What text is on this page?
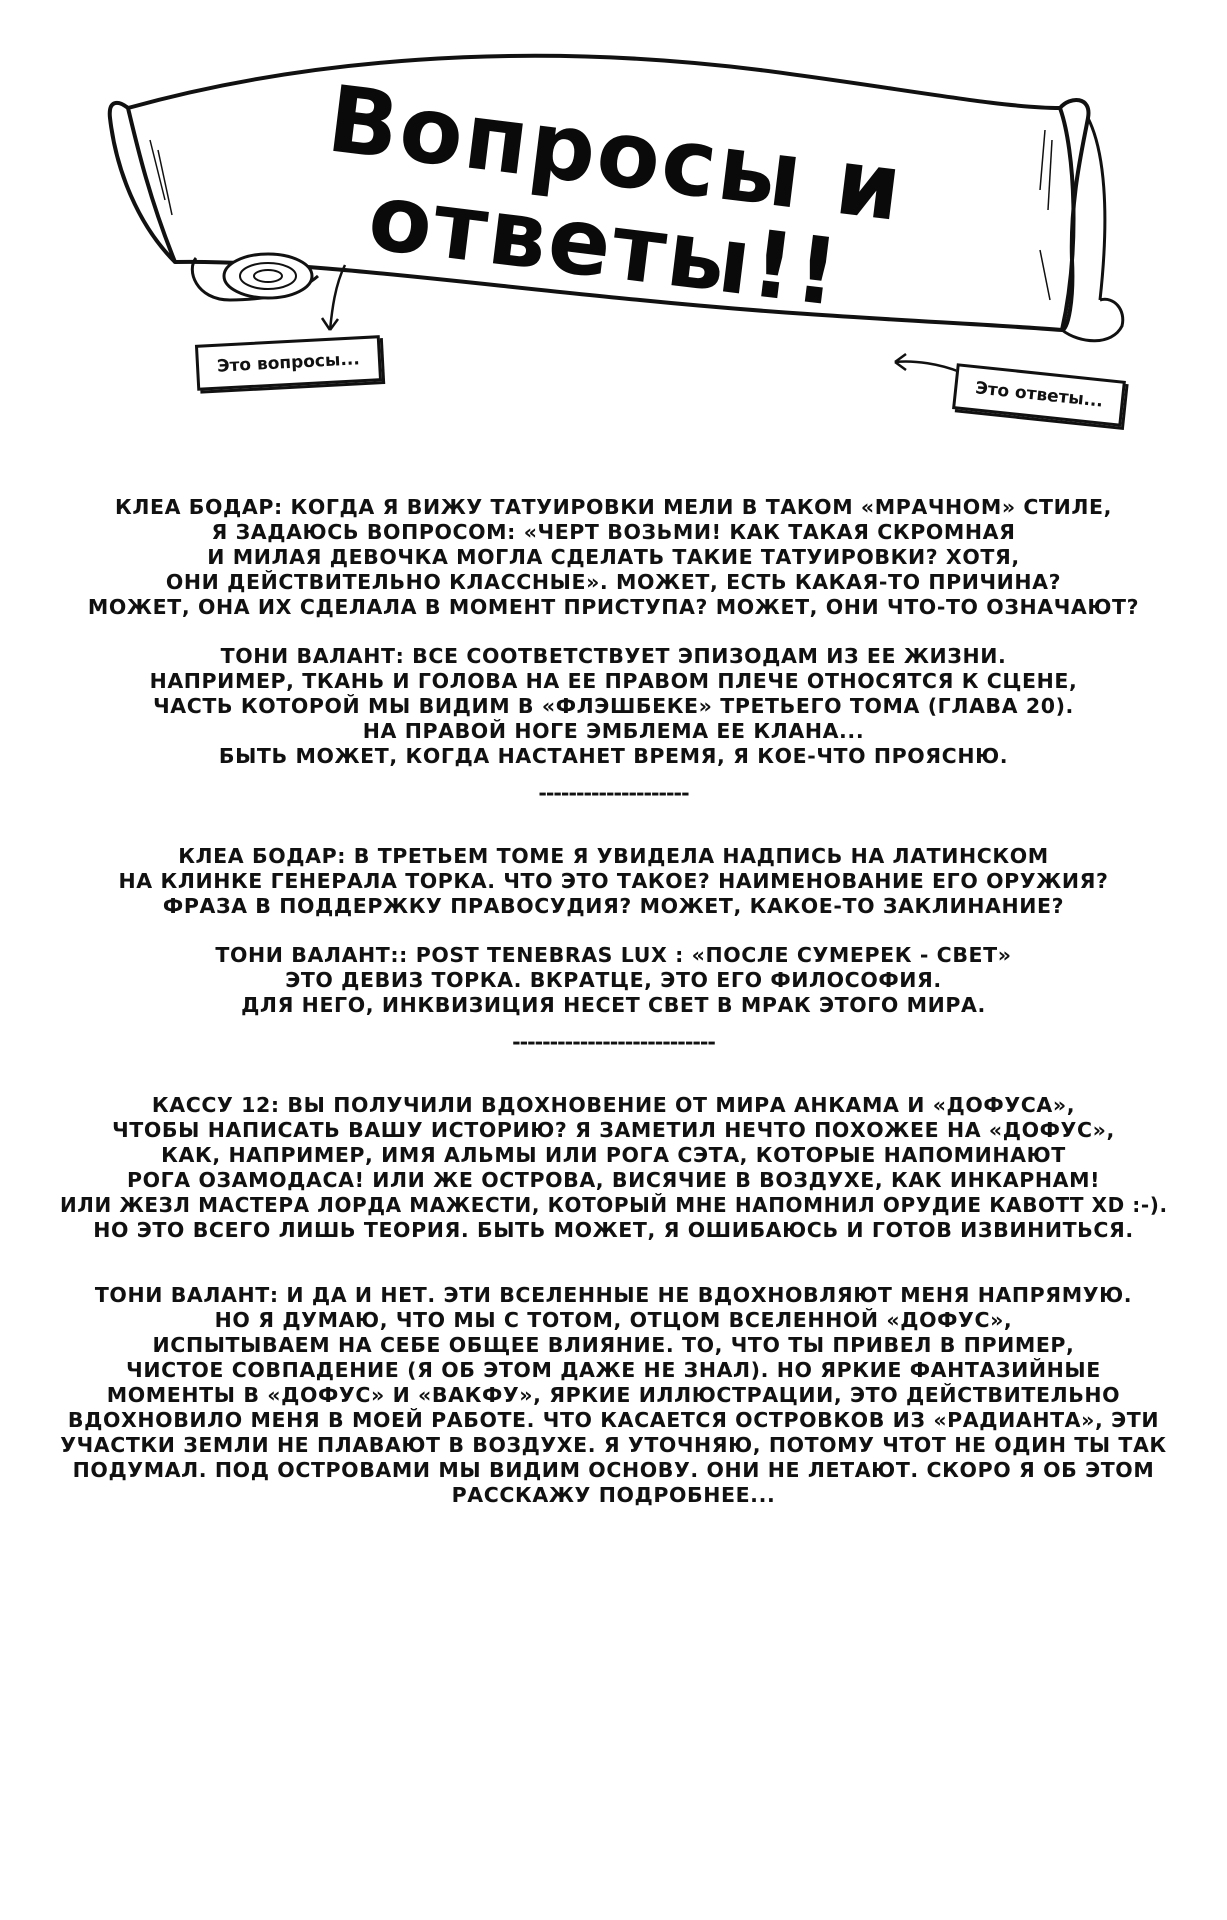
Вопросы и ответы!!
Это вопросы...
Это ответы...
КЛЕА БОДАР: КОГДА Я ВИЖУ ТАТУИРОВКИ МЕЛИ В ТАКОМ «МРАЧНОМ» СТИЛЕ,
Я ЗАДАЮСЬ ВОПРОСОМ: «ЧЕРТ ВОЗЬМИ! КАК ТАКАЯ СКРОМНАЯ
И МИЛАЯ ДЕВОЧКА МОГЛА СДЕЛАТЬ ТАКИЕ ТАТУИРОВКИ? ХОТЯ,
ОНИ ДЕЙСТВИТЕЛЬНО КЛАССНЫЕ». МОЖЕТ, ЕСТЬ КАКАЯ-ТО ПРИЧИНА?
МОЖЕТ, ОНА ИХ СДЕЛАЛА В МОМЕНТ ПРИСТУПА? МОЖЕТ, ОНИ ЧТО-ТО ОЗНАЧАЮТ?
ТОНИ ВАЛАНТ: ВСЕ СООТВЕТСТВУЕТ ЭПИЗОДАМ ИЗ ЕЕ ЖИЗНИ.
НАПРИМЕР, ТКАНЬ И ГОЛОВА НА ЕЕ ПРАВОМ ПЛЕЧЕ ОТНОСЯТСЯ К СЦЕНЕ,
ЧАСТЬ КОТОРОЙ МЫ ВИДИМ В «ФЛЭШБЕКЕ» ТРЕТЬЕГО ТОМА (ГЛАВА 20).
НА ПРАВОЙ НОГЕ ЭМБЛЕМА ЕЕ КЛАНА...
БЫТЬ МОЖЕТ, КОГДА НАСТАНЕТ ВРЕМЯ, Я КОЕ-ЧТО ПРОЯСНЮ.
--------------------
КЛЕА БОДАР: В ТРЕТЬЕМ ТОМЕ Я УВИДЕЛА НАДПИСЬ НА ЛАТИНСКОМ
НА КЛИНКЕ ГЕНЕРАЛА ТОРКА. ЧТО ЭТО ТАКОЕ? НАИМЕНОВАНИЕ ЕГО ОРУЖИЯ?
ФРАЗА В ПОДДЕРЖКУ ПРАВОСУДИЯ? МОЖЕТ, КАКОЕ-ТО ЗАКЛИНАНИЕ?
ТОНИ ВАЛАНТ:: POST TENEBRAS LUX : «ПОСЛЕ СУМЕРЕК - СВЕТ»
ЭТО ДЕВИЗ ТОРКА. ВКРАТЦЕ, ЭТО ЕГО ФИЛОСОФИЯ.
ДЛЯ НЕГО, ИНКВИЗИЦИЯ НЕСЕТ СВЕТ В МРАК ЭТОГО МИРА.
---------------------------
КАССУ 12: ВЫ ПОЛУЧИЛИ ВДОХНОВЕНИЕ ОТ МИРА АНКАМА И «ДОФУСА»,
ЧТОБЫ НАПИСАТЬ ВАШУ ИСТОРИЮ? Я ЗАМЕТИЛ НЕЧТО ПОХОЖЕЕ НА «ДОФУС»,
КАК, НАПРИМЕР, ИМЯ АЛЬМЫ ИЛИ РОГА СЭТА, КОТОРЫЕ НАПОМИНАЮТ
РОГА ОЗАМОДАСА! ИЛИ ЖЕ ОСТРОВА, ВИСЯЧИЕ В ВОЗДУХЕ, КАК ИНКАРНАМ!
ИЛИ ЖЕЗЛ МАСТЕРА ЛОРДА МАЖЕСТИ, КОТОРЫЙ МНЕ НАПОМНИЛ ОРУДИЕ КАВОТТ XD :-).
НО ЭТО ВСЕГО ЛИШЬ ТЕОРИЯ. БЫТЬ МОЖЕТ, Я ОШИБАЮСЬ И ГОТОВ ИЗВИНИТЬСЯ.
ТОНИ ВАЛАНТ: И ДА И НЕТ. ЭТИ ВСЕЛЕННЫЕ НЕ ВДОХНОВЛЯЮТ МЕНЯ НАПРЯМУЮ.
НО Я ДУМАЮ, ЧТО МЫ С ТОТОМ, ОТЦОМ ВСЕЛЕННОЙ «ДОФУС»,
ИСПЫТЫВАЕМ НА СЕБЕ ОБЩЕЕ ВЛИЯНИЕ. ТО, ЧТО ТЫ ПРИВЕЛ В ПРИМЕР,
ЧИСТОЕ СОВПАДЕНИЕ (Я ОБ ЭТОМ ДАЖЕ НЕ ЗНАЛ). НО ЯРКИЕ ФАНТАЗИЙНЫЕ
МОМЕНТЫ В «ДОФУС» И «ВАКФУ», ЯРКИЕ ИЛЛЮСТРАЦИИ, ЭТО ДЕЙСТВИТЕЛЬНО
ВДОХНОВИЛО МЕНЯ В МОЕЙ РАБОТЕ. ЧТО КАСАЕТСЯ ОСТРОВКОВ ИЗ «РАДИАНТА», ЭТИ
УЧАСТКИ ЗЕМЛИ НЕ ПЛАВАЮТ В ВОЗДУХЕ. Я УТОЧНЯЮ, ПОТОМУ ЧТОТ НЕ ОДИН ТЫ ТАК
ПОДУМАЛ. ПОД ОСТРОВАМИ МЫ ВИДИМ ОСНОВУ. ОНИ НЕ ЛЕТАЮТ. СКОРО Я ОБ ЭТОМ
РАССКАЖУ ПОДРОБНЕЕ...
